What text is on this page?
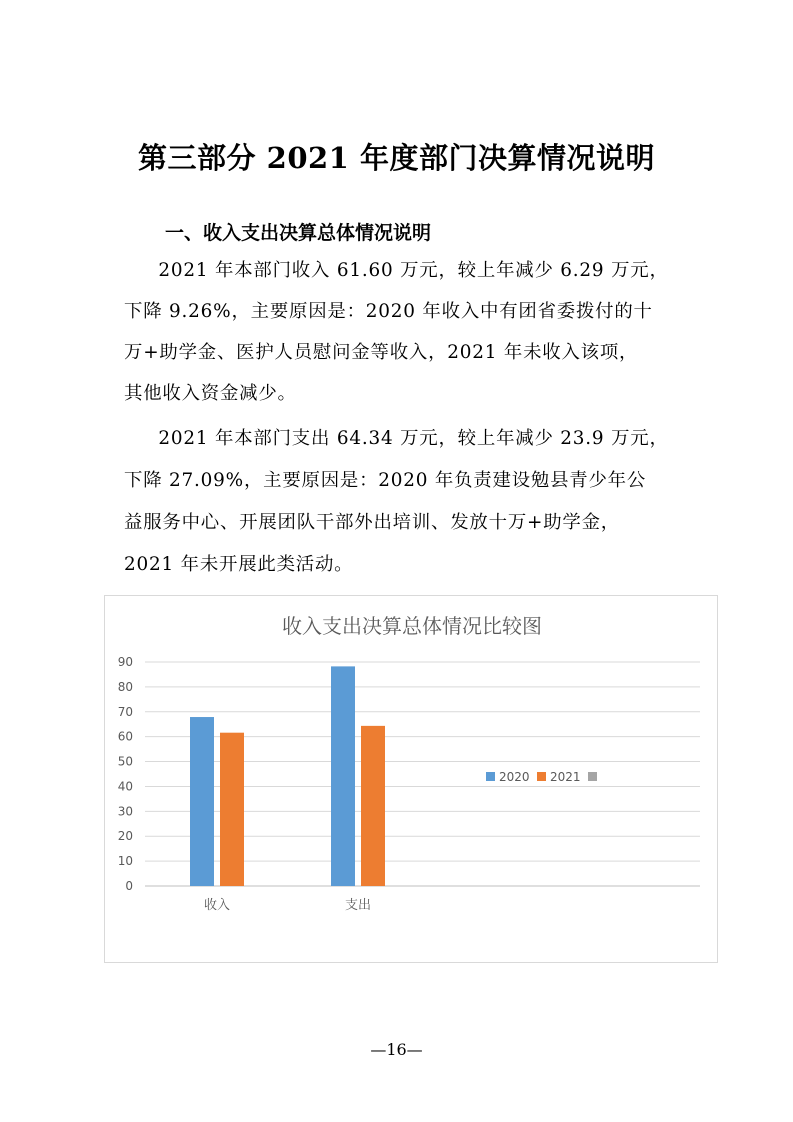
第三部分 2021 年度部门决算情况说明
一、收入支出决算总体情况说明
　　2021 年本部门收入 61.60 万元，较上年减少 6.29 万元，
下降 9.26%，主要原因是：2020 年收入中有团省委拨付的十
万+助学金、医护人员慰问金等收入，2021 年未收入该项，
其他收入资金减少。
　　2021 年本部门支出 64.34 万元，较上年减少 23.9 万元，
下降 27.09%，主要原因是：2020 年负责建设勉县青少年公
益服务中心、开展团队干部外出培训、发放十万+助学金，
2021 年未开展此类活动。
收入支出决算总体情况比较图
0
10
20
30
40
50
60
70
80
90
收入	支出
2020 2021
—16—
